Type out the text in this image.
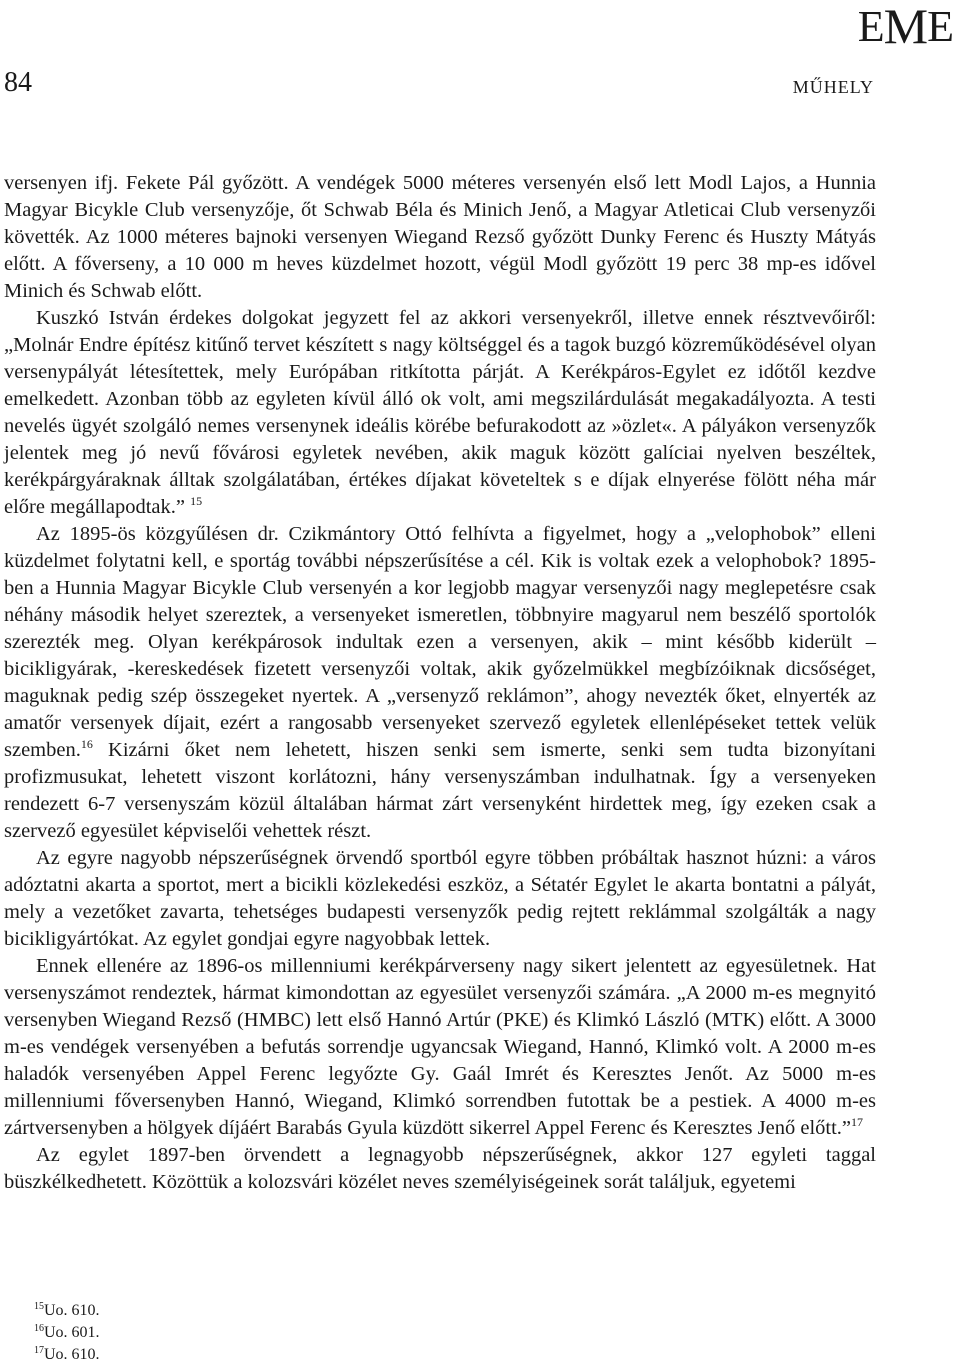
EME
84	MŰHELY

versenyen ifj. Fekete Pál győzött. A vendégek 5000 méteres versenyén első lett Modl Lajos, a Hunnia Magyar Bicykle Club versenyzője, őt Schwab Béla és Minich Jenő, a Magyar Atleticai Club versenyzői követték. Az 1000 méteres bajnoki versenyen Wiegand Rezső győzött Dunky Ferenc és Huszty Mátyás előtt. A főverseny, a 10 000 m heves küzdelmet hozott, végül Modl győzött 19 perc 38 mp-es idővel Minich és Schwab előtt.

Kuszkó István érdekes dolgokat jegyzett fel az akkori versenyekről, illetve ennek résztvevőiről: „Molnár Endre építész kitűnő tervet készített s nagy költséggel és a tagok buzgó közreműködésével olyan versenypályát létesítettek, mely Európában ritkította párját. A Kerékpáros-Egylet ez időtől kezdve emelkedett. Azonban több az egyleten kívül álló ok volt, ami megszilárdulását megakadályozta. A testi nevelés ügyét szolgáló nemes versenynek ideális körébe befurakodott az »özlet«. A pályákon versenyzők jelentek meg jó nevű fővárosi egyletek nevében, akik maguk között galíciai nyelven beszéltek, kerékpárgyáraknak álltak szolgálatában, értékes díjakat követeltek s e díjak elnyerése fölött néha már előre megállapodtak.” $^{15}$

Az 1895-ös közgyűlésen dr. Czikmántory Ottó felhívta a figyelmet, hogy a „velophobok” elleni küzdelmet folytatni kell, e sportág további népszerűsítése a cél. Kik is voltak ezek a velophobok? 1895-ben a Hunnia Magyar Bicykle Club versenyén a kor legjobb magyar versenyzői nagy meglepetésre csak néhány második helyet szereztek, a versenyeket ismeretlen, többnyire magyarul nem beszélő sportolók szerezték meg. Olyan kerékpárosok indultak ezen a versenyen, akik – mint később kiderült – bicikligyárak, -kereskedések fizetett versenyzői voltak, akik győzelmükkel megbízóiknak dicsőséget, maguknak pedig szép összegeket nyertek. A „versenyző reklámon”, ahogy nevezték őket, elnyerték az amatőr versenyek díjait, ezért a rangosabb versenyeket szervező egyletek ellenlépéseket tettek velük szemben.$^{16}$ Kizárni őket nem lehetett, hiszen senki sem ismerte, senki sem tudta bizonyítani profizmusukat, lehetett viszont korlátozni, hány versenyszámban indulhatnak. Így a versenyeken rendezett 6-7 versenyszám közül általában hármat zárt versenyként hirdettek meg, így ezeken csak a szervező egyesület képviselői vehettek részt.

Az egyre nagyobb népszerűségnek örvendő sportból egyre többen próbáltak hasznot húzni: a város adóztatni akarta a sportot, mert a bicikli közlekedési eszköz, a Sétatér Egylet le akarta bontatni a pályát, mely a vezetőket zavarta, tehetséges budapesti versenyzők pedig rejtett reklámmal szolgálták a nagy bicikligyártókat. Az egylet gondjai egyre nagyobbak lettek.

Ennek ellenére az 1896-os millenniumi kerékpárverseny nagy sikert jelentett az egyesületnek. Hat versenyszámot rendeztek, hármat kimondottan az egyesület versenyzői számára. „A 2000 m-es megnyitó versenyben Wiegand Rezső (HMBC) lett első Hannó Artúr (PKE) és Klimkó László (MTK) előtt. A 3000 m-es vendégek versenyében a befutás sorrendje ugyancsak Wiegand, Hannó, Klimkó volt. A 2000 m-es haladók versenyében Appel Ferenc legyőzte Gy. Gaál Imrét és Keresztes Jenőt. Az 5000 m-es millenniumi főversenyben Hannó, Wiegand, Klimkó sorrendben futottak be a pestiek. A 4000 m-es zártversenyben a hölgyek díjáért Barabás Gyula küzdött sikerrel Appel Ferenc és Keresztes Jenő előtt.”$^{17}$

Az egylet 1897-ben örvendett a legnagyobb népszerűségnek, akkor 127 egyleti taggal büszkélkedhetett. Közöttük a kolozsvári közélet neves személyiségeinek sorát találjuk, egyetemi

$^{15}$Uo. 610.
$^{16}$Uo. 601.
$^{17}$Uo. 610.
